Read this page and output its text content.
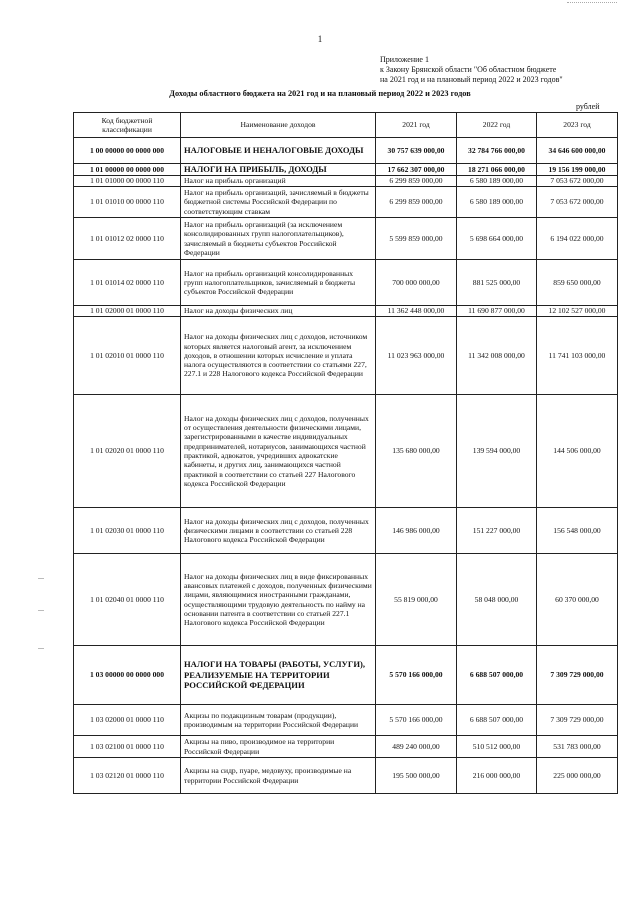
1
Приложение 1
к Закону Брянской области "Об областном бюджете
на 2021 год и на плановый период 2022 и 2023 годов"
Доходы областного бюджета на 2021 год и на плановый период 2022 и 2023 годов
рублей
Код бюджетной классификации	Наименование доходов	2021 год	2022 год	2023 год
1 00 00000 00 0000 000	НАЛОГОВЫЕ И НЕНАЛОГОВЫЕ ДОХОДЫ	30 757 639 000,00	32 784 766 000,00	34 646 600 000,00
1 01 00000 00 0000 000	НАЛОГИ НА ПРИБЫЛЬ, ДОХОДЫ	17 662 307 000,00	18 271 066 000,00	19 156 199 000,00
1 01 01000 00 0000 110	Налог на прибыль организаций	6 299 859 000,00	6 580 189 000,00	7 053 672 000,00
1 01 01010 00 0000 110	Налог на прибыль организаций, зачисляемый в бюджеты бюджетной системы Российской Федерации по соответствующим ставкам	6 299 859 000,00	6 580 189 000,00	7 053 672 000,00
1 01 01012 02 0000 110	Налог на прибыль организаций (за исключением консолидированных групп налогоплательщиков), зачисляемый в бюджеты субъектов Российской Федерации	5 599 859 000,00	5 698 664 000,00	6 194 022 000,00
1 01 01014 02 0000 110	Налог на прибыль организаций консолидированных групп налогоплательщиков, зачисляемый в бюджеты субъектов Российской Федерации	700 000 000,00	881 525 000,00	859 650 000,00
1 01 02000 01 0000 110	Налог на доходы физических лиц	11 362 448 000,00	11 690 877 000,00	12 102 527 000,00
1 01 02010 01 0000 110	Налог на доходы физических лиц с доходов, источником которых является налоговый агент, за исключением доходов, в отношении которых исчисление и уплата налога осуществляются в соответствии со статьями 227, 227.1 и 228 Налогового кодекса Российской Федерации	11 023 963 000,00	11 342 008 000,00	11 741 103 000,00
1 01 02020 01 0000 110	Налог на доходы физических лиц с доходов, полученных от осуществления деятельности физическими лицами, зарегистрированными в качестве индивидуальных предпринимателей, нотариусов, занимающихся частной практикой, адвокатов, учредивших адвокатские кабинеты, и других лиц, занимающихся частной практикой в соответствии со статьей 227 Налогового кодекса Российской Федерации	135 680 000,00	139 594 000,00	144 506 000,00
1 01 02030 01 0000 110	Налог на доходы физических лиц с доходов, полученных физическими лицами в соответствии со статьей 228 Налогового кодекса Российской Федерации	146 986 000,00	151 227 000,00	156 548 000,00
1 01 02040 01 0000 110	Налог на доходы физических лиц в виде фиксированных авансовых платежей с доходов, полученных физическими лицами, являющимися иностранными гражданами, осуществляющими трудовую деятельность по найму на основании патента в соответствии со статьей 227.1 Налогового кодекса Российской Федерации	55 819 000,00	58 048 000,00	60 370 000,00
1 03 00000 00 0000 000	НАЛОГИ НА ТОВАРЫ (РАБОТЫ, УСЛУГИ), РЕАЛИЗУЕМЫЕ НА ТЕРРИТОРИИ РОССИЙСКОЙ ФЕДЕРАЦИИ	5 570 166 000,00	6 688 507 000,00	7 309 729 000,00
1 03 02000 01 0000 110	Акцизы по подакцизным товарам (продукции), производимым на территории Российской Федерации	5 570 166 000,00	6 688 507 000,00	7 309 729 000,00
1 03 02100 01 0000 110	Акцизы на пиво, производимое на территории Российской Федерации	489 240 000,00	510 512 000,00	531 783 000,00
1 03 02120 01 0000 110	Акцизы на сидр, пуаре, медовуху, производимые на территории Российской Федерации	195 500 000,00	216 000 000,00	225 000 000,00
